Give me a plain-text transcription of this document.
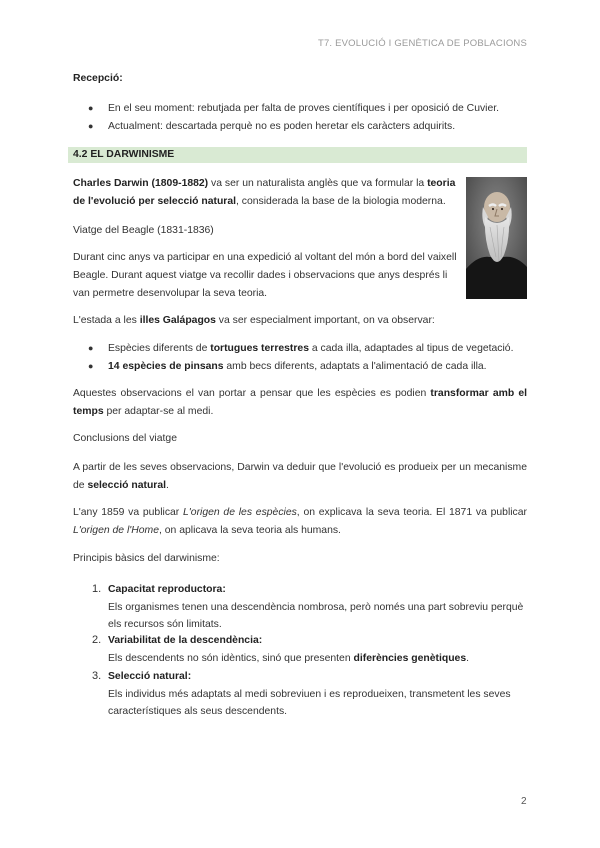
T7. EVOLUCIÓ I GENÈTICA DE POBLACIONS
Recepció:
● En el seu moment: rebutjada per falta de proves científiques i per oposició de Cuvier.
● Actualment: descartada perquè no es poden heretar els caràcters adquirits.
4.2 EL DARWINISME
Charles Darwin (1809-1882) va ser un naturalista anglès que va formular la teoria de l'evolució per selecció natural, considerada la base de la biologia moderna.
Viatge del Beagle (1831-1836)
Durant cinc anys va participar en una expedició al voltant del món a bord del vaixell Beagle. Durant aquest viatge va recollir dades i observacions que anys després li van permetre desenvolupar la seva teoria.
L'estada a les illes Galápagos va ser especialment important, on va observar:
● Espècies diferents de tortugues terrestres a cada illa, adaptades al tipus de vegetació.
● 14 espècies de pinsans amb becs diferents, adaptats a l'alimentació de cada illa.
Aquestes observacions el van portar a pensar que les espècies es podien transformar amb el temps per adaptar-se al medi.
Conclusions del viatge
A partir de les seves observacions, Darwin va deduir que l'evolució es produeix per un mecanisme de selecció natural.
L'any 1859 va publicar L'origen de les espècies, on explicava la seva teoria. El 1871 va publicar L'origen de l'Home, on aplicava la seva teoria als humans.
Principis bàsics del darwinisme:
1. Capacitat reproductora:
Els organismes tenen una descendència nombrosa, però només una part sobreviu perquè els recursos són limitats.
2. Variabilitat de la descendència:
Els descendents no són idèntics, sinó que presenten diferències genètiques.
3. Selecció natural:
Els individus més adaptats al medi sobreviuen i es reprodueixen, transmetent les seves característiques als seus descendents.
2
